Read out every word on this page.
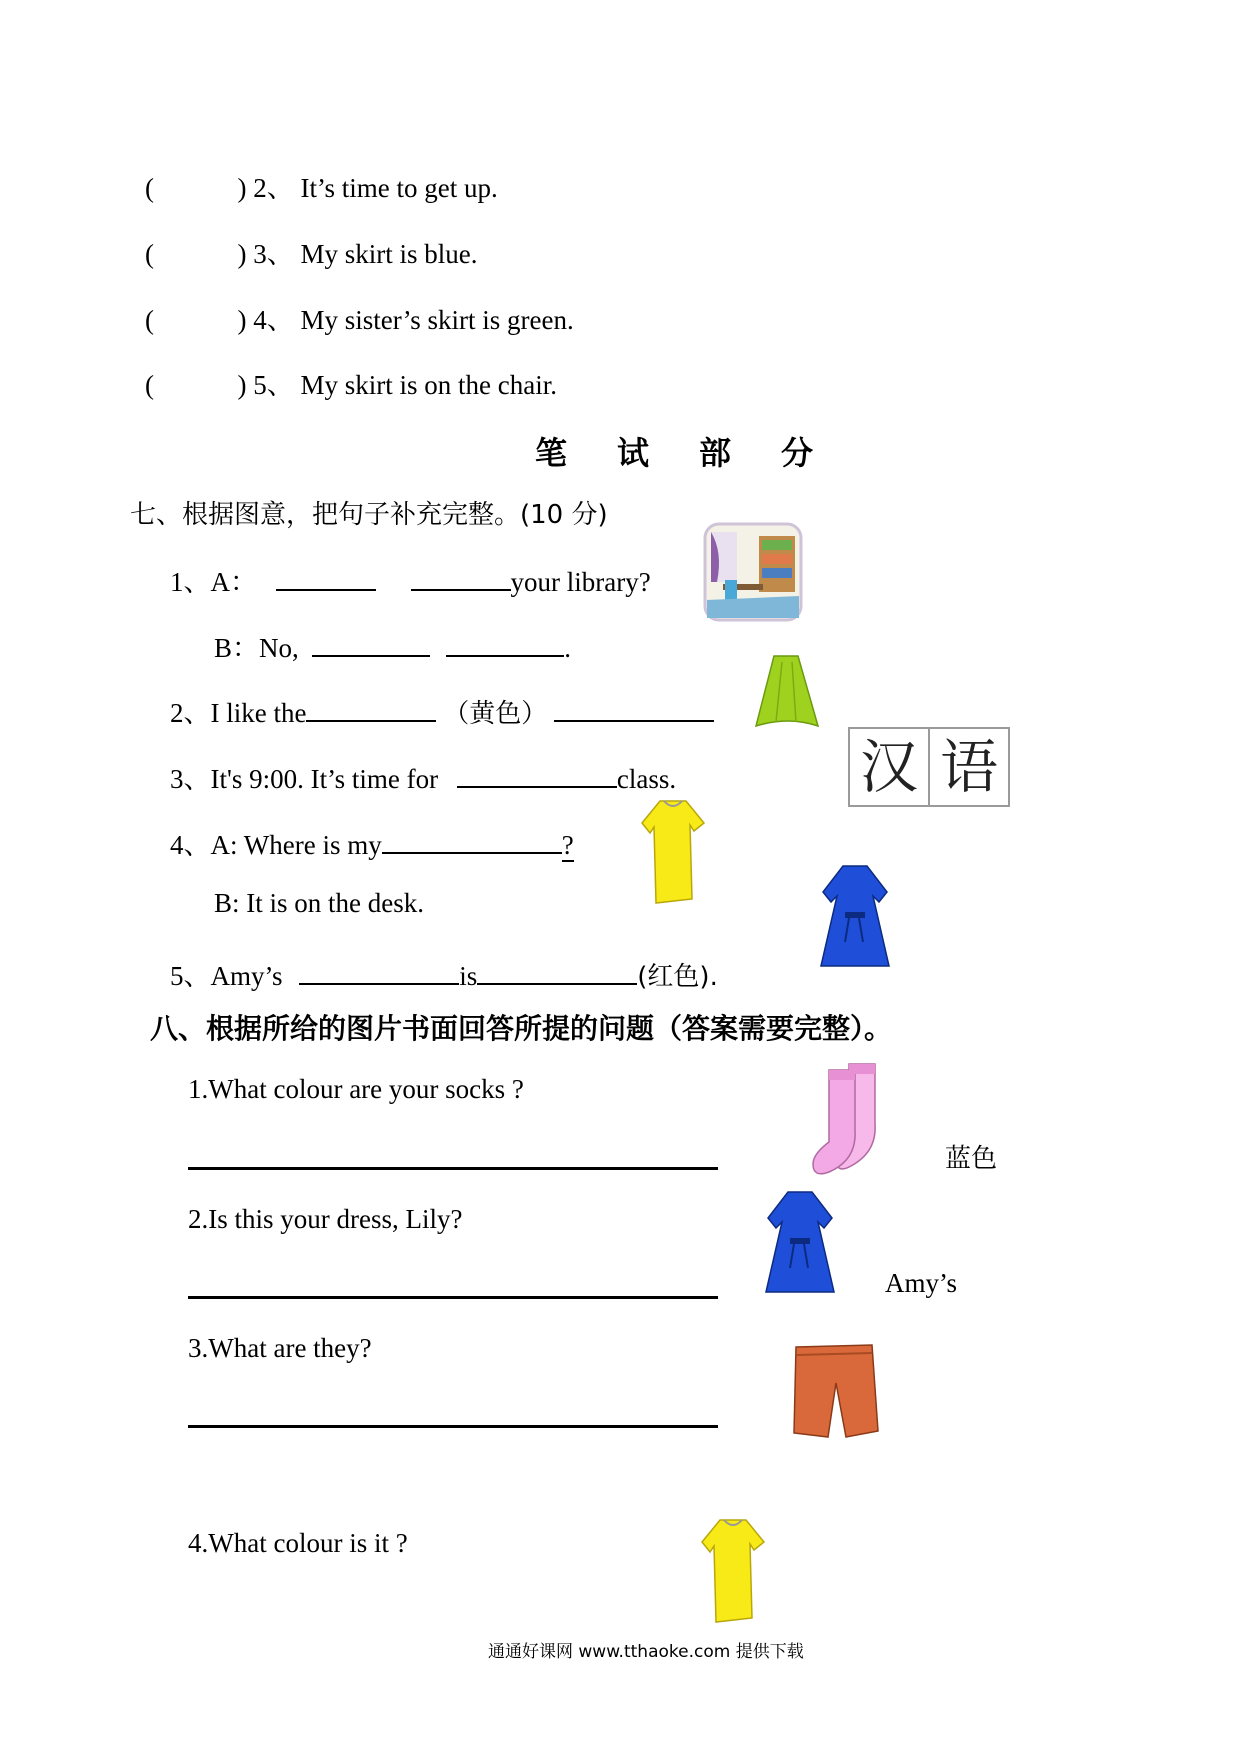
(	) 2、 It’s time to get up.
(	) 3、 My skirt is blue.
(	) 4、 My sister’s skirt is green.
(	) 5、 My skirt is on the chair.
笔试部分
七、根据图意，把句子补充完整。(10 分)
1、A：	your library?
B：No,	.
2、I like the	（黄色）
3、It's 9:00. It’s time for	class.
4、A: Where is my	?
B: It is on the desk.
5、Amy’s	is	(红色).
汉 语
八、根据所给的图片书面回答所提的问题（答案需要完整）。
1.What colour are your socks ?
蓝色
2.Is this your dress, Lily?
Amy’s
3.What are they?
4.What colour is it ?
通通好课网 www.tthaoke.com 提供下载
